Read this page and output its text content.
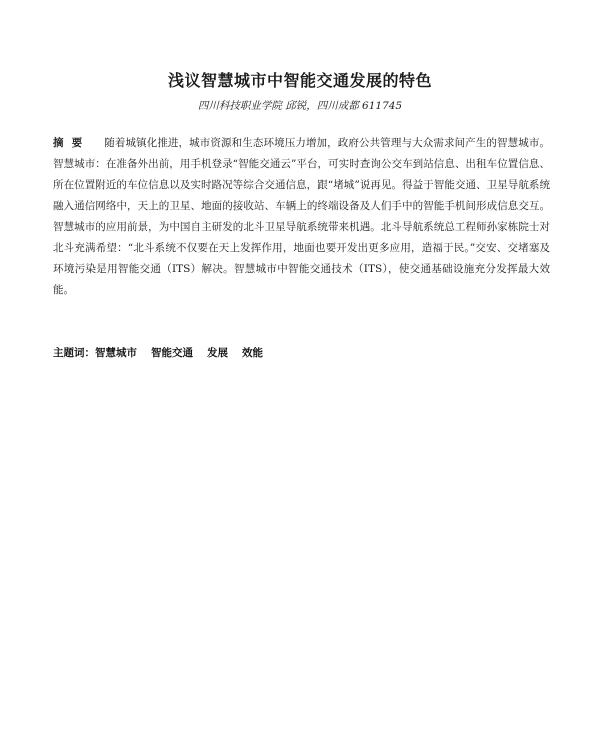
浅议智慧城市中智能交通发展的特色
四川科技职业学院 邱锐，四川成都 611745
摘要 随着城镇化推进，城市资源和生态环境压力增加，政府公共管理与大众需求间产生的智慧城市。智慧城市：在准备外出前，用手机登录“智能交通云”平台，可实时查询公交车到站信息、出租车位置信息、所在位置附近的车位信息以及实时路况等综合交通信息，跟“堵城”说再见。得益于智能交通、卫星导航系统融入通信网络中，天上的卫星、地面的接收站、车辆上的终端设备及人们手中的智能手机间形成信息交互。智慧城市的应用前景，为中国自主研发的北斗卫星导航系统带来机遇。北斗导航系统总工程师孙家栋院士对北斗充满希望：“北斗系统不仅要在天上发挥作用，地面也要开发出更多应用，造福于民。”交安、交堵塞及环境污染是用智能交通（ITS）解决。智慧城市中智能交通技术（ITS），使交通基础设施充分发挥最大效能。
主题词：智慧城市 智能交通 发展 效能
